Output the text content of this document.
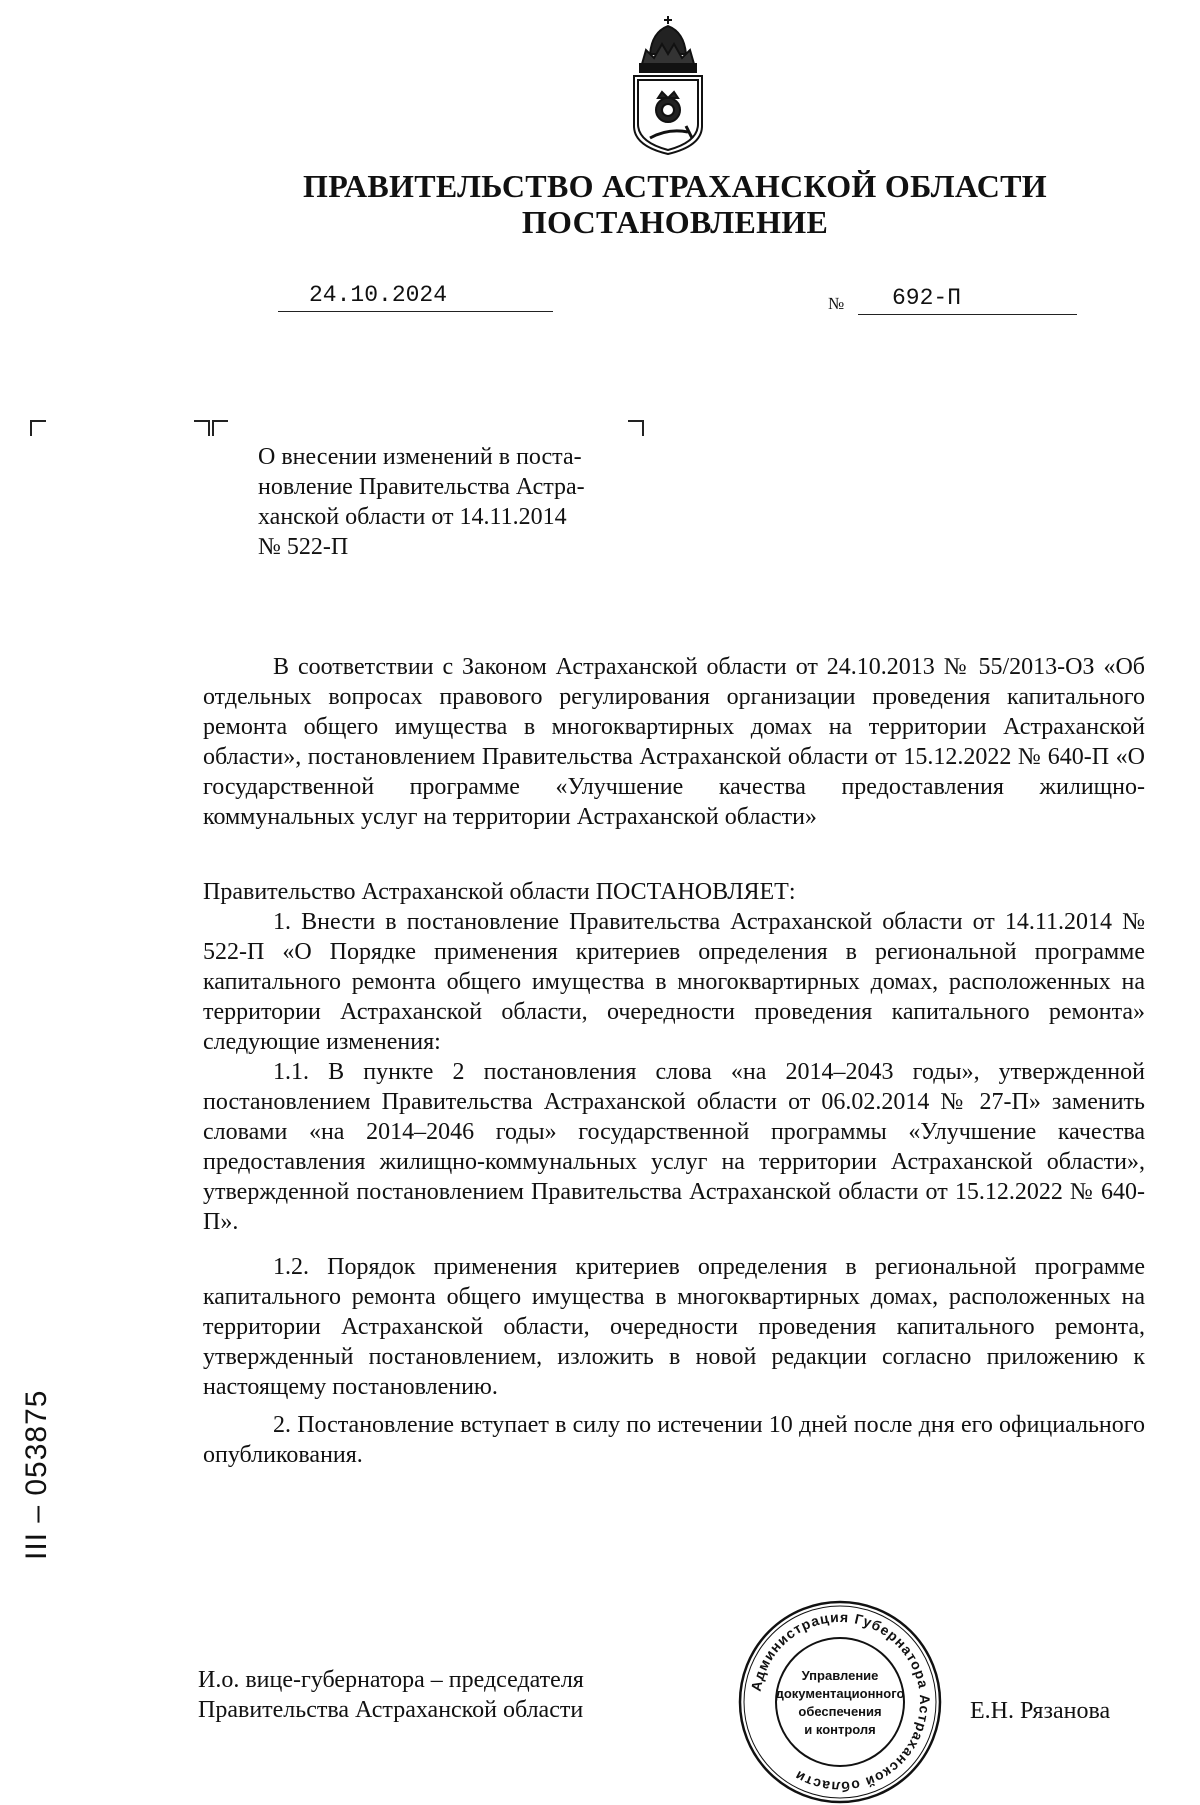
ПРАВИТЕЛЬСТВО АСТРАХАНСКОЙ ОБЛАСТИ
ПОСТАНОВЛЕНИЕ
24.10.2024	№ 692-П
О внесении изменений в поста-
новление Правительства Астра-
ханской области от 14.11.2014
№ 522-П
В соответствии с Законом Астраханской области от 24.10.2013 № 55/2013-ОЗ «Об отдельных вопросах правового регулирования организации проведения капитального ремонта общего имущества в многоквартирных домах на территории Астраханской области», постановлением Правительства Астраханской области от 15.12.2022 № 640-П «О государственной программе «Улучшение качества предоставления жилищно-коммунальных услуг на территории Астраханской области»
Правительство Астраханской области ПОСТАНОВЛЯЕТ:
1. Внести в постановление Правительства Астраханской области от 14.11.2014 № 522-П «О Порядке применения критериев определения в региональной программе капитального ремонта общего имущества в многоквартирных домах, расположенных на территории Астраханской области, очередности проведения капитального ремонта» следующие изменения:
1.1. В пункте 2 постановления слова «на 2014–2043 годы», утвержденной постановлением Правительства Астраханской области от 06.02.2014 № 27-П» заменить словами «на 2014–2046 годы» государственной программы «Улучшение качества предоставления жилищно-коммунальных услуг на территории Астраханской области», утвержденной постановлением Правительства Астраханской области от 15.12.2022 № 640-П».
1.2. Порядок применения критериев определения в региональной программе капитального ремонта общего имущества в многоквартирных домах, расположенных на территории Астраханской области, очередности проведения капитального ремонта, утвержденный постановлением, изложить в новой редакции согласно приложению к настоящему постановлению.
2. Постановление вступает в силу по истечении 10 дней после дня его официального опубликования.
И.о. вице-губернатора – председателя
Правительства Астраханской области	Е.Н. Рязанова
Администрация Губернатора Астраханской области
Управление
документационного
обеспечения
и контроля
III – 053875
